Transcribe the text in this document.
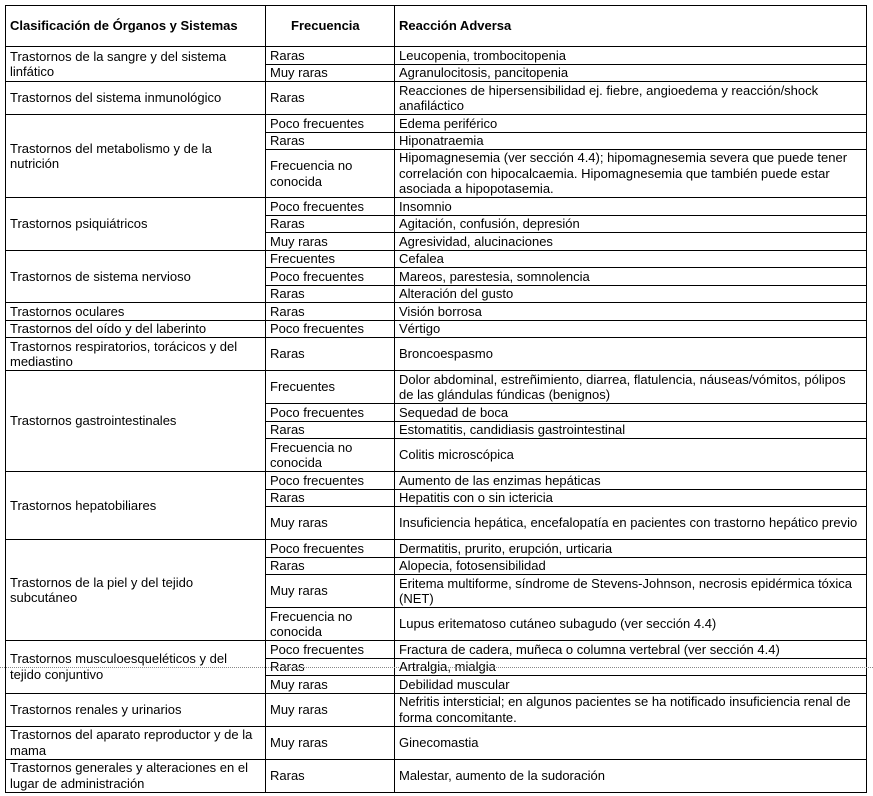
Clasificación de Órganos y Sistemas	Frecuencia	Reacción Adversa
Trastornos de la sangre y del sistema linfático	Raras	Leucopenia, trombocitopenia
	Muy raras	Agranulocitosis, pancitopenia
Trastornos del sistema inmunológico	Raras	Reacciones de hipersensibilidad ej. fiebre, angioedema y reacción/shock anafiláctico
Trastornos del metabolismo y de la nutrición	Poco frecuentes	Edema periférico
	Raras	Hiponatraemia
	Frecuencia no conocida	Hipomagnesemia (ver sección 4.4); hipomagnesemia severa que puede tener correlación con hipocalcaemia. Hipomagnesemia que también puede estar asociada a hipopotasemia.
Trastornos psiquiátricos	Poco frecuentes	Insomnio
	Raras	Agitación, confusión, depresión
	Muy raras	Agresividad, alucinaciones
Trastornos de sistema nervioso	Frecuentes	Cefalea
	Poco frecuentes	Mareos, parestesia, somnolencia
	Raras	Alteración del gusto
Trastornos oculares	Raras	Visión borrosa
Trastornos del oído y del laberinto	Poco frecuentes	Vértigo
Trastornos respiratorios, torácicos y del mediastino	Raras	Broncoespasmo
Trastornos gastrointestinales	Frecuentes	Dolor abdominal, estreñimiento, diarrea, flatulencia, náuseas/vómitos, pólipos de las glándulas fúndicas (benignos)
	Poco frecuentes	Sequedad de boca
	Raras	Estomatitis, candidiasis gastrointestinal
	Frecuencia no conocida	Colitis microscópica
Trastornos hepatobiliares	Poco frecuentes	Aumento de las enzimas hepáticas
	Raras	Hepatitis con o sin ictericia
	Muy raras	Insuficiencia hepática, encefalopatía en pacientes con trastorno hepático previo
Trastornos de la piel y del tejido subcutáneo	Poco frecuentes	Dermatitis, prurito, erupción, urticaria
	Raras	Alopecia, fotosensibilidad
	Muy raras	Eritema multiforme, síndrome de Stevens-Johnson, necrosis epidérmica tóxica (NET)
	Frecuencia no conocida	Lupus eritematoso cutáneo subagudo (ver sección 4.4)
Trastornos musculoesqueléticos y del tejido conjuntivo	Poco frecuentes	Fractura de cadera, muñeca o columna vertebral (ver sección 4.4)
	Raras	Artralgia, mialgia
	Muy raras	Debilidad muscular
Trastornos renales y urinarios	Muy raras	Nefritis intersticial; en algunos pacientes se ha notificado insuficiencia renal de forma concomitante.
Trastornos del aparato reproductor y de la mama	Muy raras	Ginecomastia
Trastornos generales y alteraciones en el lugar de administración	Raras	Malestar, aumento de la sudoración
